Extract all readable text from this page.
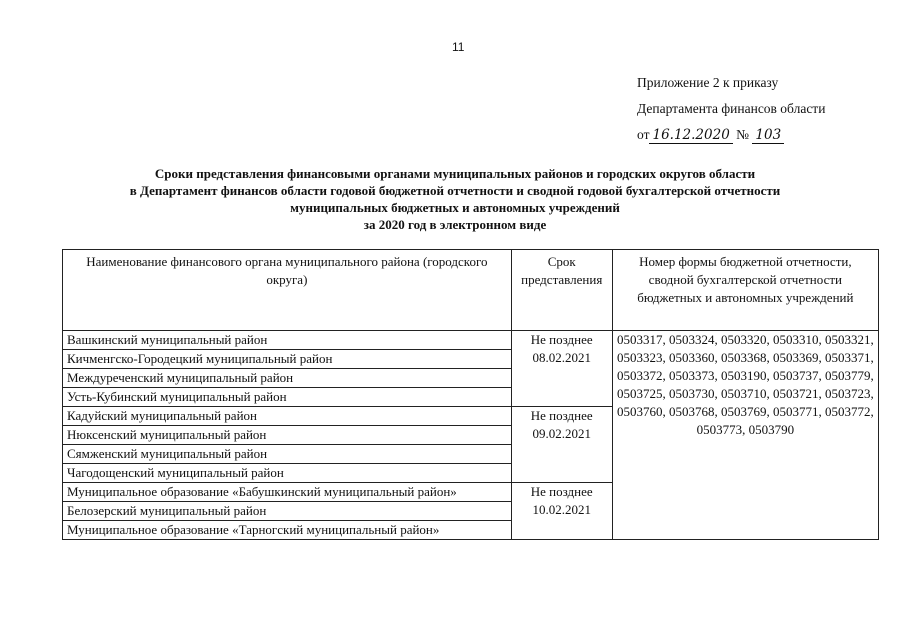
11
Приложение 2 к приказу
Департамента финансов области
от 16.12.2020 № 103
Сроки представления финансовыми органами муниципальных районов и городских округов области
в Департамент финансов области годовой бюджетной отчетности и сводной годовой бухгалтерской отчетности
муниципальных бюджетных и автономных учреждений
за 2020 год в электронном виде
Наименование финансового органа муниципального района (городского округа)	Срок представления	Номер формы бюджетной отчетности, сводной бухгалтерской отчетности бюджетных и автономных учреждений
Вашкинский муниципальный район	Не позднее 08.02.2021	0503317, 0503324, 0503320, 0503310, 0503321, 0503323, 0503360, 0503368, 0503369, 0503371, 0503372, 0503373, 0503190, 0503737, 0503779, 0503725, 0503730, 0503710, 0503721, 0503723, 0503760, 0503768, 0503769, 0503771, 0503772, 0503773, 0503790
Кичменгско-Городецкий муниципальный район		
Междуреченский муниципальный район		
Усть-Кубинский муниципальный район		
Кадуйский муниципальный район	Не позднее 09.02.2021	
Нюксенский муниципальный район		
Сямженский муниципальный район		
Чагодощенский муниципальный район		
Муниципальное образование «Бабушкинский муниципальный район»	Не позднее 10.02.2021	
Белозерский муниципальный район		
Муниципальное образование «Тарногский муниципальный район»		
